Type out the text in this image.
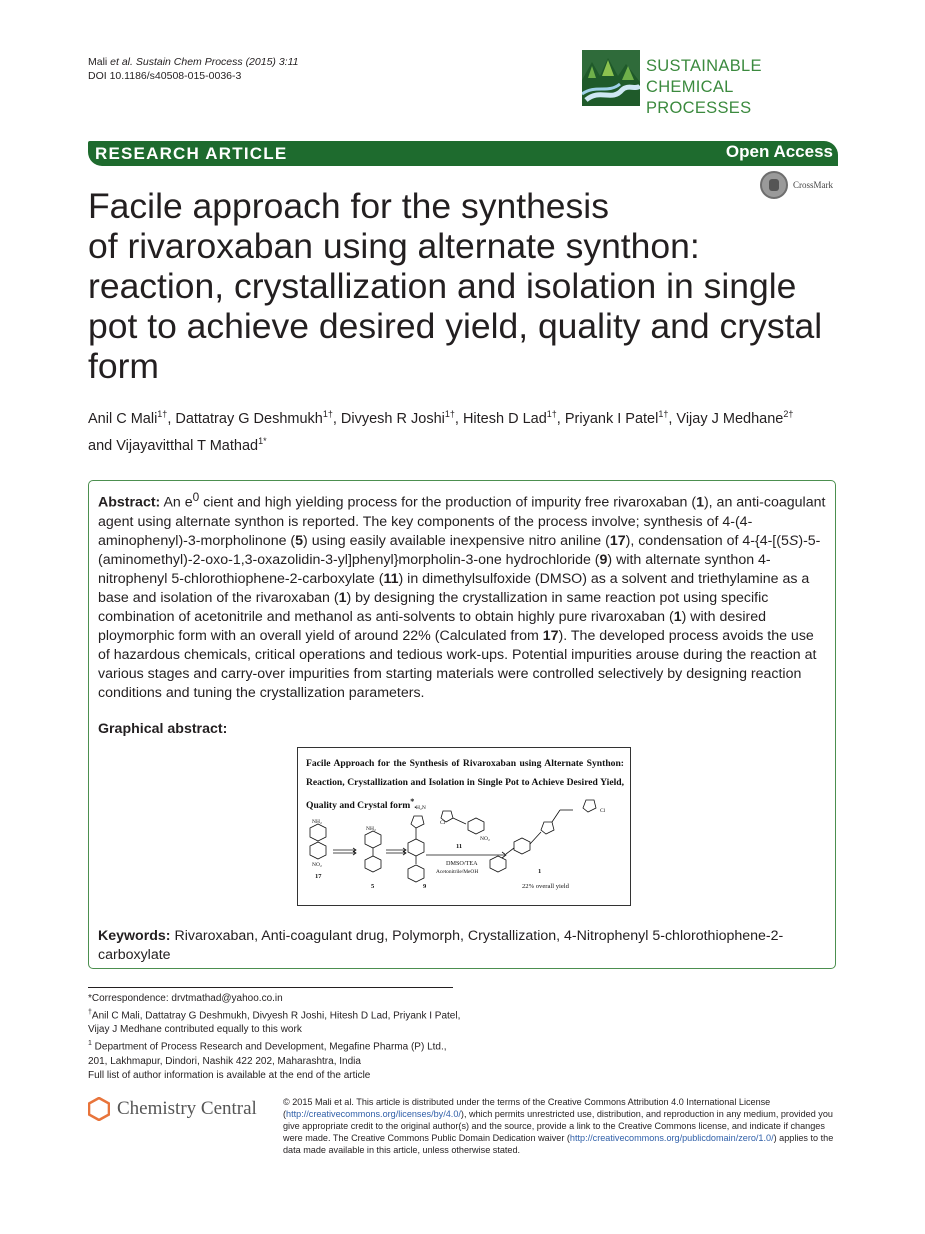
Mali et al. Sustain Chem Process (2015) 3:11
DOI 10.1186/s40508-015-0036-3
SUSTAINABLE
CHEMICAL PROCESSES
RESEARCH ARTICLE	Open Access
CrossMark
Facile approach for the synthesis
of rivaroxaban using alternate synthon:
reaction, crystallization and isolation in single
pot to achieve desired yield, quality and crystal
form
Anil C Mali$^{1\dagger}$, Dattatray G Deshmukh$^{1\dagger}$, Divyesh R Joshi$^{1\dagger}$, Hitesh D Lad$^{1\dagger}$, Priyank I Patel$^{1\dagger}$, Vijay J Medhane$^{2\dagger}$
and Vijayavitthal T Mathad$^{1*}$
Abstract: An $e^0$ cient and high yielding process for the production of impurity free rivaroxaban (1), an anti-coagulant agent using alternate synthon is reported. The key components of the process involve; synthesis of 4-(4-aminophenyl)-3-morpholinone (5) using easily available inexpensive nitro aniline (17), condensation of 4-{4-[(5S)-5-(aminomethyl)-2-oxo-1,3-oxazolidin-3-yl]phenyl}morpholin-3-one hydrochloride (9) with alternate synthon 4-nitrophenyl 5-chlorothiophene-2-carboxylate (11) in dimethylsulfoxide (DMSO) as a solvent and triethylamine as a base and isolation of the rivaroxaban (1) by designing the crystallization in same reaction pot using specific combination of acetonitrile and methanol as anti-solvents to obtain highly pure rivaroxaban (1) with desired ploymorphic form with an overall yield of around 22% (Calculated from 17). The developed process avoids the use of hazardous chemicals, critical operations and tedious work-ups. Potential impurities arouse during the reaction at various stages and carry-over impurities from starting materials were controlled selectively by designing reaction conditions and tuning the crystallization parameters.
Graphical abstract:
Facile Approach for the Synthesis of Rivaroxaban using Alternate Synthon: Reaction, Crystallization and Isolation in Single Pot to Achieve Desired Yield, Quality and Crystal form*.
NH₂
NO₂
NH₂
H₂N
Cl
NO₂
Cl
17
5	9
11
1
DMSO/TEA
Acetonitrile/MeOH
22% overall yield
Keywords: Rivaroxaban, Anti-coagulant drug, Polymorph, Crystallization, 4-Nitrophenyl 5-chlorothiophene-2-carboxylate
*Correspondence: drvtmathad@yahoo.co.in
†Anil C Mali, Dattatray G Deshmukh, Divyesh R Joshi, Hitesh D Lad, Priyank I Patel, Vijay J Medhane contributed equally to this work
$^1$ Department of Process Research and Development, Megafine Pharma (P) Ltd., 201, Lakhmapur, Dindori, Nashik 422 202, Maharashtra, India
Full list of author information is available at the end of the article
Chemistry Central	© 2015 Mali et al. This article is distributed under the terms of the Creative Commons Attribution 4.0 International License (http://creativecommons.org/licenses/by/4.0/), which permits unrestricted use, distribution, and reproduction in any medium, provided you give appropriate credit to the original author(s) and the source, provide a link to the Creative Commons license, and indicate if changes were made. The Creative Commons Public Domain Dedication waiver (http://creativecommons.org/publicdomain/zero/1.0/) applies to the data made available in this article, unless otherwise stated.
